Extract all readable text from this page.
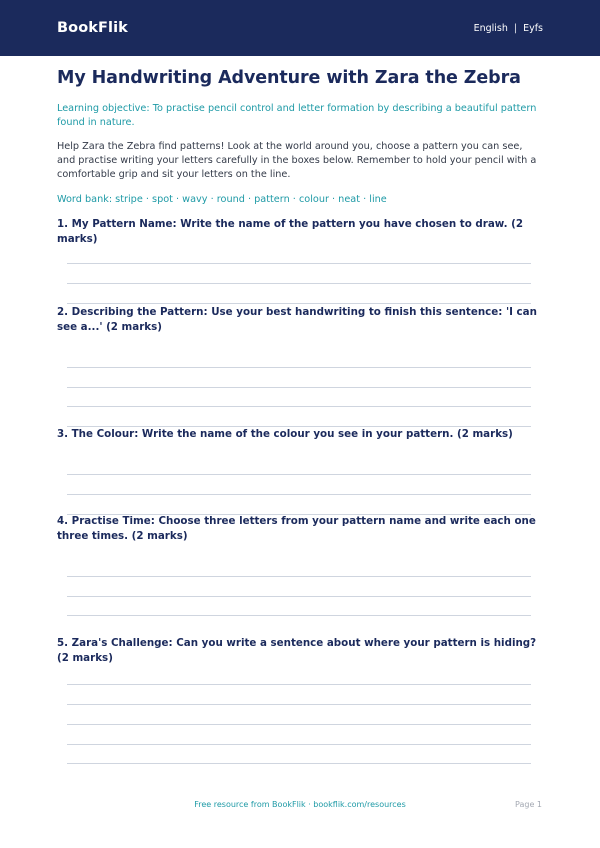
BookFlik	English | Eyfs
My Handwriting Adventure with Zara the Zebra

Learning objective: To practise pencil control and letter formation by describing a beautiful pattern found in nature.

Help Zara the Zebra find patterns! Look at the world around you, choose a pattern you can see, and practise writing your letters carefully in the boxes below. Remember to hold your pencil with a comfortable grip and sit your letters on the line.

Word bank: stripe · spot · wavy · round · pattern · colour · neat · line

1. My Pattern Name: Write the name of the pattern you have chosen to draw. (2 marks)
2. Describing the Pattern: Use your best handwriting to finish this sentence: 'I can see a...' (2 marks)
3. The Colour: Write the name of the colour you see in your pattern. (2 marks)
4. Practise Time: Choose three letters from your pattern name and write each one three times. (2 marks)
5. Zara's Challenge: Can you write a sentence about where your pattern is hiding? (2 marks)
Free resource from BookFlik · bookflik.com/resources	Page 1
